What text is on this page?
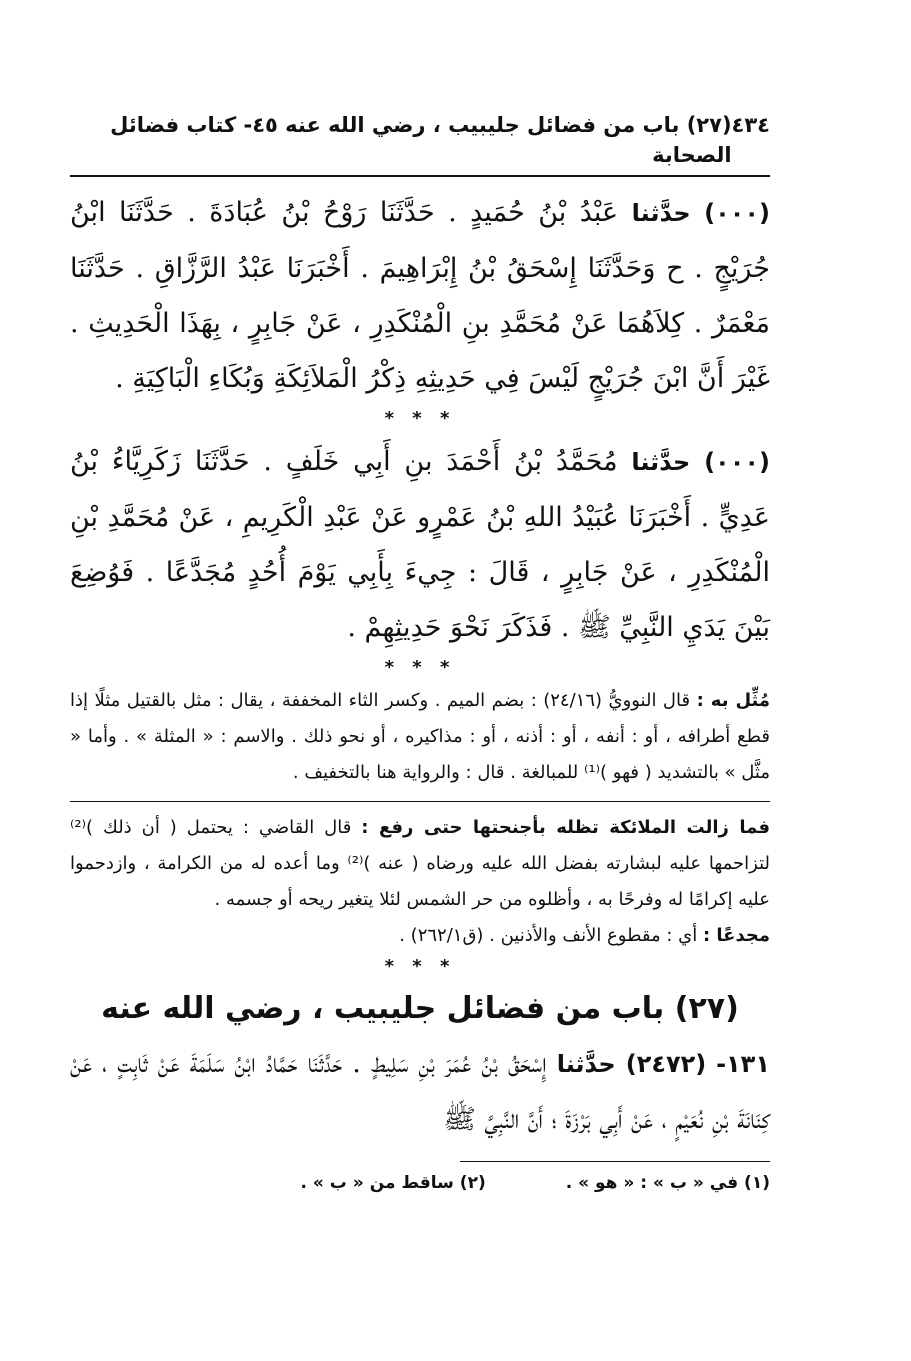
٤٣٤
(٢٧) باب من فضائل جليبيب ، رضي الله عنه ٤٥- كتاب فضائل الصحابة

(٠٠٠) حدَّثنا عَبْدُ بْنُ حُمَيدٍ . حَدَّثَنَا رَوْحُ بْنُ عُبَادَةَ . حَدَّثَنَا ابْنُ جُرَيْجٍ . ح وَحَدَّثَنَا إِسْحَقُ بْنُ إِبْرَاهِيمَ . أَخْبَرَنَا عَبْدُ الرَّزَّاقِ . حَدَّثَنَا مَعْمَرٌ . كِلاَهُمَا عَنْ مُحَمَّدِ بنِ الْمُنْكَدِرِ ، عَنْ جَابِرٍ ، بِهَذَا الْحَدِيثِ . غَيْرَ أَنَّ ابْنَ جُرَيْجٍ لَيْسَ فِي حَدِيثِهِ ذِكْرُ الْمَلاَئِكَةِ وَبُكَاءِ الْبَاكِيَةِ .

* * *

(٠٠٠) حدَّثنا مُحَمَّدُ بْنُ أَحْمَدَ بنِ أَبِي خَلَفٍ . حَدَّثَنَا زَكَرِيَّاءُ بْنُ عَدِيٍّ . أَخْبَرَنَا عُبَيْدُ اللهِ بْنُ عَمْرٍو عَنْ عَبْدِ الْكَرِيمِ ، عَنْ مُحَمَّدِ بْنِ الْمُنْكَدِرِ ، عَنْ جَابِرٍ ، قَالَ : جِيءَ بِأَبِي يَوْمَ أُحُدٍ مُجَدَّعًا . فَوُضِعَ بَيْنَ يَدَيِ النَّبِيِّ ﷺ . فَذَكَرَ نَحْوَ حَدِيثِهِمْ .

* * *

مُثِّل به : قال النوويُّ (٢٤/١٦) : بضم الميم . وكسر الثاء المخففة ، يقال : مثل بالقتيل مثلًا إذا قطع أطرافه ، أو : أنفه ، أو : أذنه ، أو : مذاكيره ، أو نحو ذلك . والاسم : « المثلة » . وأما « مثَّل » بالتشديد ( فهو )⁽¹⁾ للمبالغة . قال : والرواية هنا بالتخفيف .

فما زالت الملائكة تظله بأجنحتها حتى رفع : قال القاضي : يحتمل ( أن ذلك )⁽²⁾ لتزاحمها عليه لبشارته بفضل الله عليه ورضاه ( عنه )⁽²⁾ وما أعده له من الكرامة ، وازدحموا عليه إكرامًا له وفرحًا به ، وأظلوه من حر الشمس لئلا يتغير ريحه أو جسمه .

مجدعًا : أي : مقطوع الأنف والأذنين . (ق٢٦٢/١) .

* * *
(٢٧) باب من فضائل جليبيب ، رضي الله عنه

١٣١- (٢٤٧٢) حدَّثنا إِسْحَقُ بْنُ عُمَرَ بْنِ سَلِيطٍ . حَدَّثَنَا حَمَّادُ ابْنُ سَلَمَةَ عَنْ ثَابِتٍ ، عَنْ كِنَانَةَ بْنِ نُعَيْمٍ ، عَنْ أَبِي بَرْزَةَ ؛ أَنَّ النَّبِيَّ ﷺ

(١) في « ب » : « هو » .
(٢) ساقط من « ب » .
